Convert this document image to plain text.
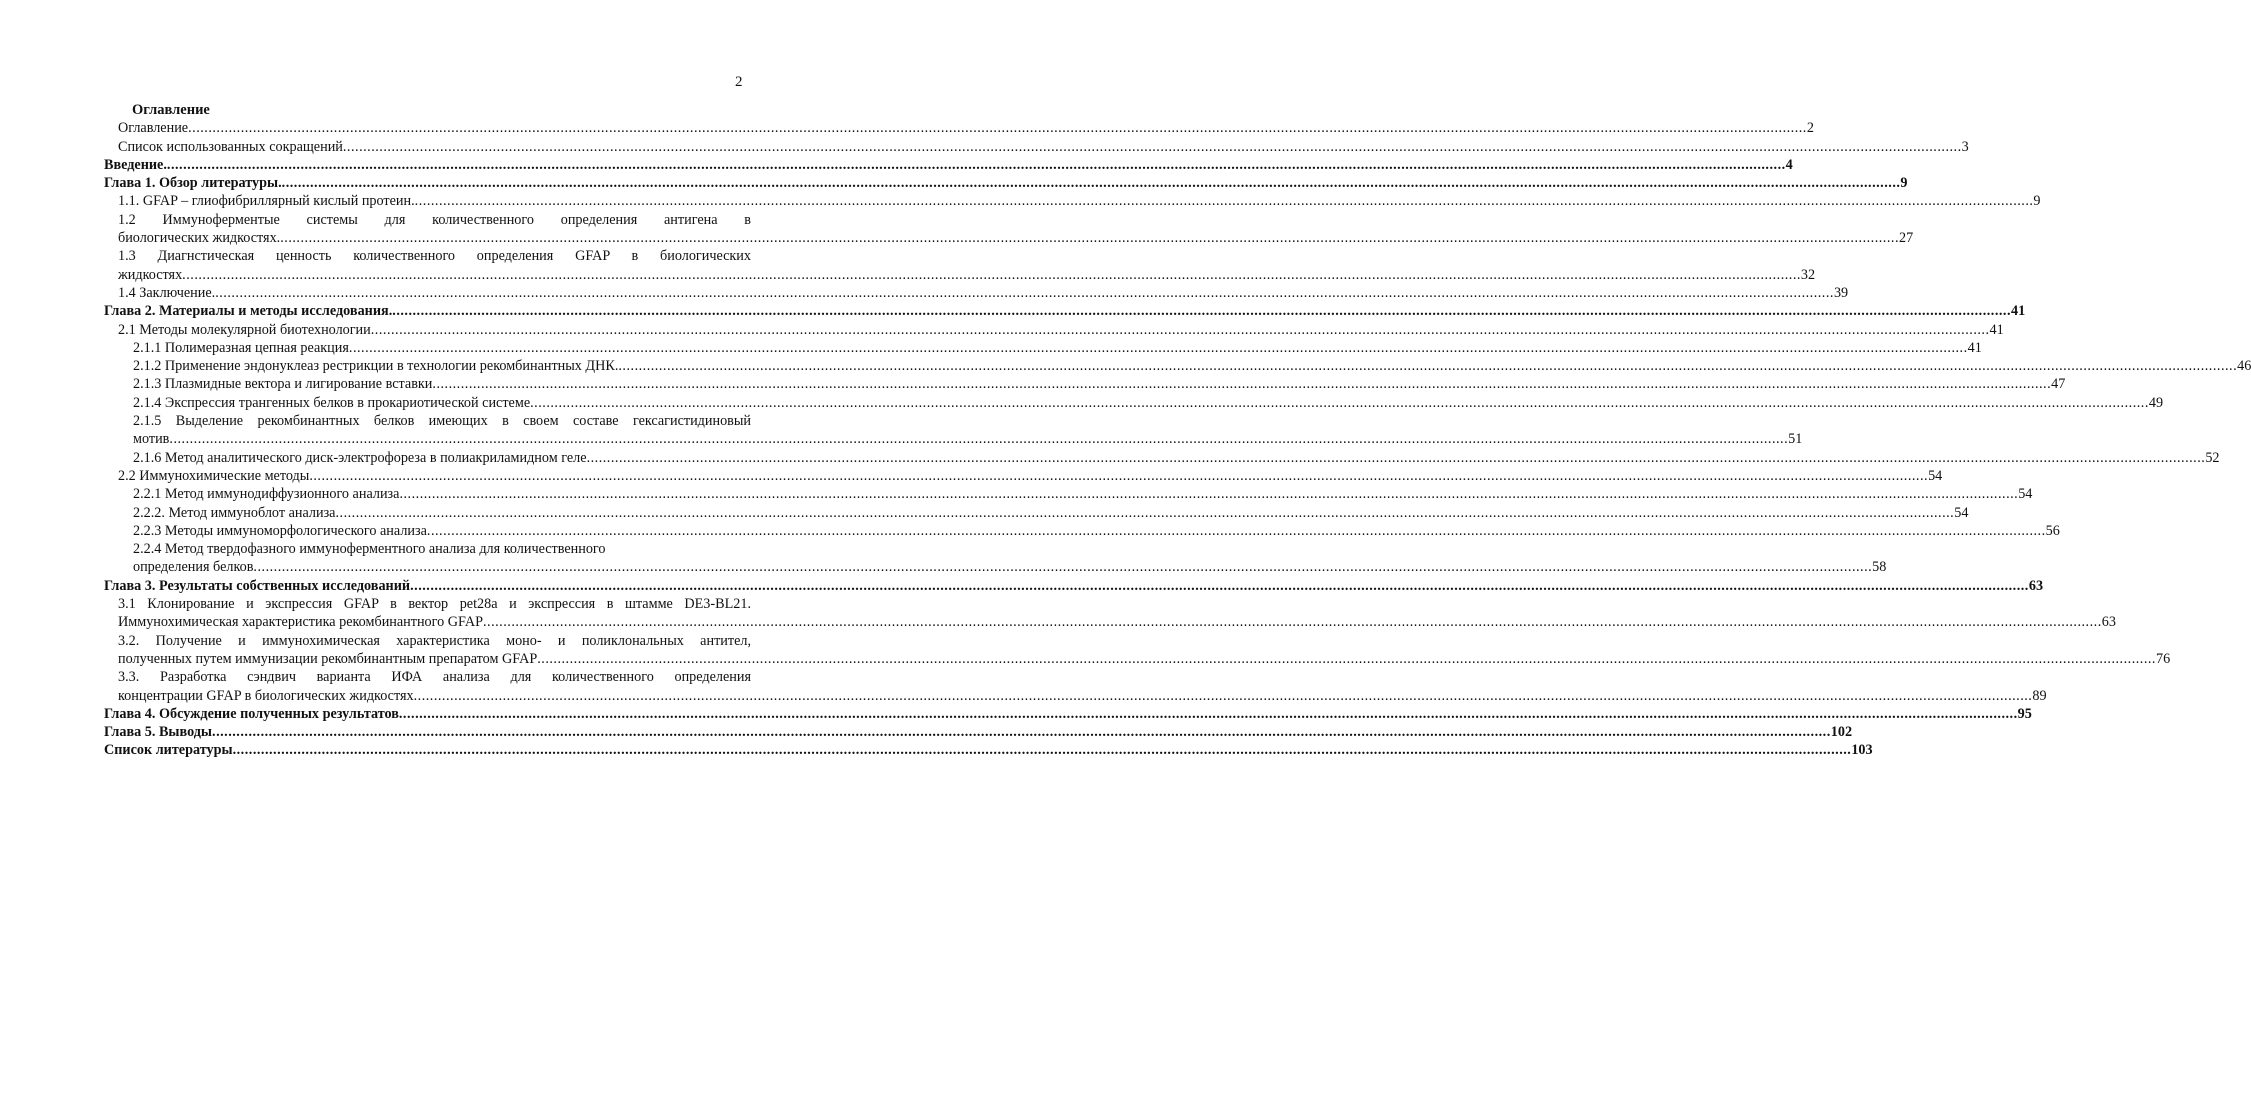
2
Оглавление
Оглавление ................................................................................................................................................................................................................................................................................................................................................................................................................ 2
Список использованных сокращений ................................................................................................................................................................................................................................................................................................................................................................................................................ 3
Введение. ................................................................................................................................................................................................................................................................................................................................................................................................................ 4
Глава 1. Обзор литературы. ................................................................................................................................................................................................................................................................................................................................................................................................................ 9
1.1. GFAP – глиофибриллярный кислый протеин. ................................................................................................................................................................................................................................................................................................................................................................................................................ 9
1.2 Иммуноферментые системы для количественного определения антигена в
биологических жидкостях. ................................................................................................................................................................................................................................................................................................................................................................................................................ 27
1.3 Диагнстическая ценность количественного определения GFAP в биологических
жидкостях ................................................................................................................................................................................................................................................................................................................................................................................................................ 32
1.4 Заключение. ................................................................................................................................................................................................................................................................................................................................................................................................................ 39
Глава 2. Материалы и методы исследования. ................................................................................................................................................................................................................................................................................................................................................................................................................ 41
2.1 Методы молекулярной биотехнологии ................................................................................................................................................................................................................................................................................................................................................................................................................ 41
2.1.1 Полимеразная цепная реакция ................................................................................................................................................................................................................................................................................................................................................................................................................ 41
2.1.2 Применение эндонуклеаз рестрикции в технологии рекомбинантных ДНК. ................................................................................................................................................................................................................................................................................................................................................................................................................ 46
2.1.3 Плазмидные вектора и лигирование вставки ................................................................................................................................................................................................................................................................................................................................................................................................................ 47
2.1.4 Экспрессия трангенных белков в прокариотической системе ................................................................................................................................................................................................................................................................................................................................................................................................................ 49
2.1.5 Выделение рекомбинантных белков имеющих в своем составе гексагистидиновый
мотив ................................................................................................................................................................................................................................................................................................................................................................................................................ 51
2.1.6 Метод аналитического диск-электрофореза в полиакриламидном геле ................................................................................................................................................................................................................................................................................................................................................................................................................ 52
2.2 Иммунохимические методы ................................................................................................................................................................................................................................................................................................................................................................................................................ 54
2.2.1 Метод иммунодиффузионного анализа ................................................................................................................................................................................................................................................................................................................................................................................................................ 54
2.2.2. Метод иммуноблот анализа ................................................................................................................................................................................................................................................................................................................................................................................................................ 54
2.2.3 Методы иммуноморфологического анализа ................................................................................................................................................................................................................................................................................................................................................................................................................ 56
2.2.4 Метод твердофазного иммуноферментного анализа для количественного
определения белков ................................................................................................................................................................................................................................................................................................................................................................................................................ 58
Глава 3. Результаты собственных исследований ................................................................................................................................................................................................................................................................................................................................................................................................................ 63
3.1 Клонирование и экспрессия GFAP в вектор pet28a и экспрессия в штамме DE3-BL21.
Иммунохимическая характеристика рекомбинантного GFAP ................................................................................................................................................................................................................................................................................................................................................................................................................ 63
3.2. Получение и иммунохимическая характеристика моно- и поликлональных антител,
полученных путем иммунизации рекомбинантным препаратом GFAP ................................................................................................................................................................................................................................................................................................................................................................................................................ 76
3.3. Разработка сэндвич варианта ИФА анализа для количественного определения
концентрации GFAP в биологических жидкостях ................................................................................................................................................................................................................................................................................................................................................................................................................ 89
Глава 4. Обсуждение полученных результатов ................................................................................................................................................................................................................................................................................................................................................................................................................ 95
Глава 5. Выводы ................................................................................................................................................................................................................................................................................................................................................................................................................ 102
Список литературы ................................................................................................................................................................................................................................................................................................................................................................................................................ 103
